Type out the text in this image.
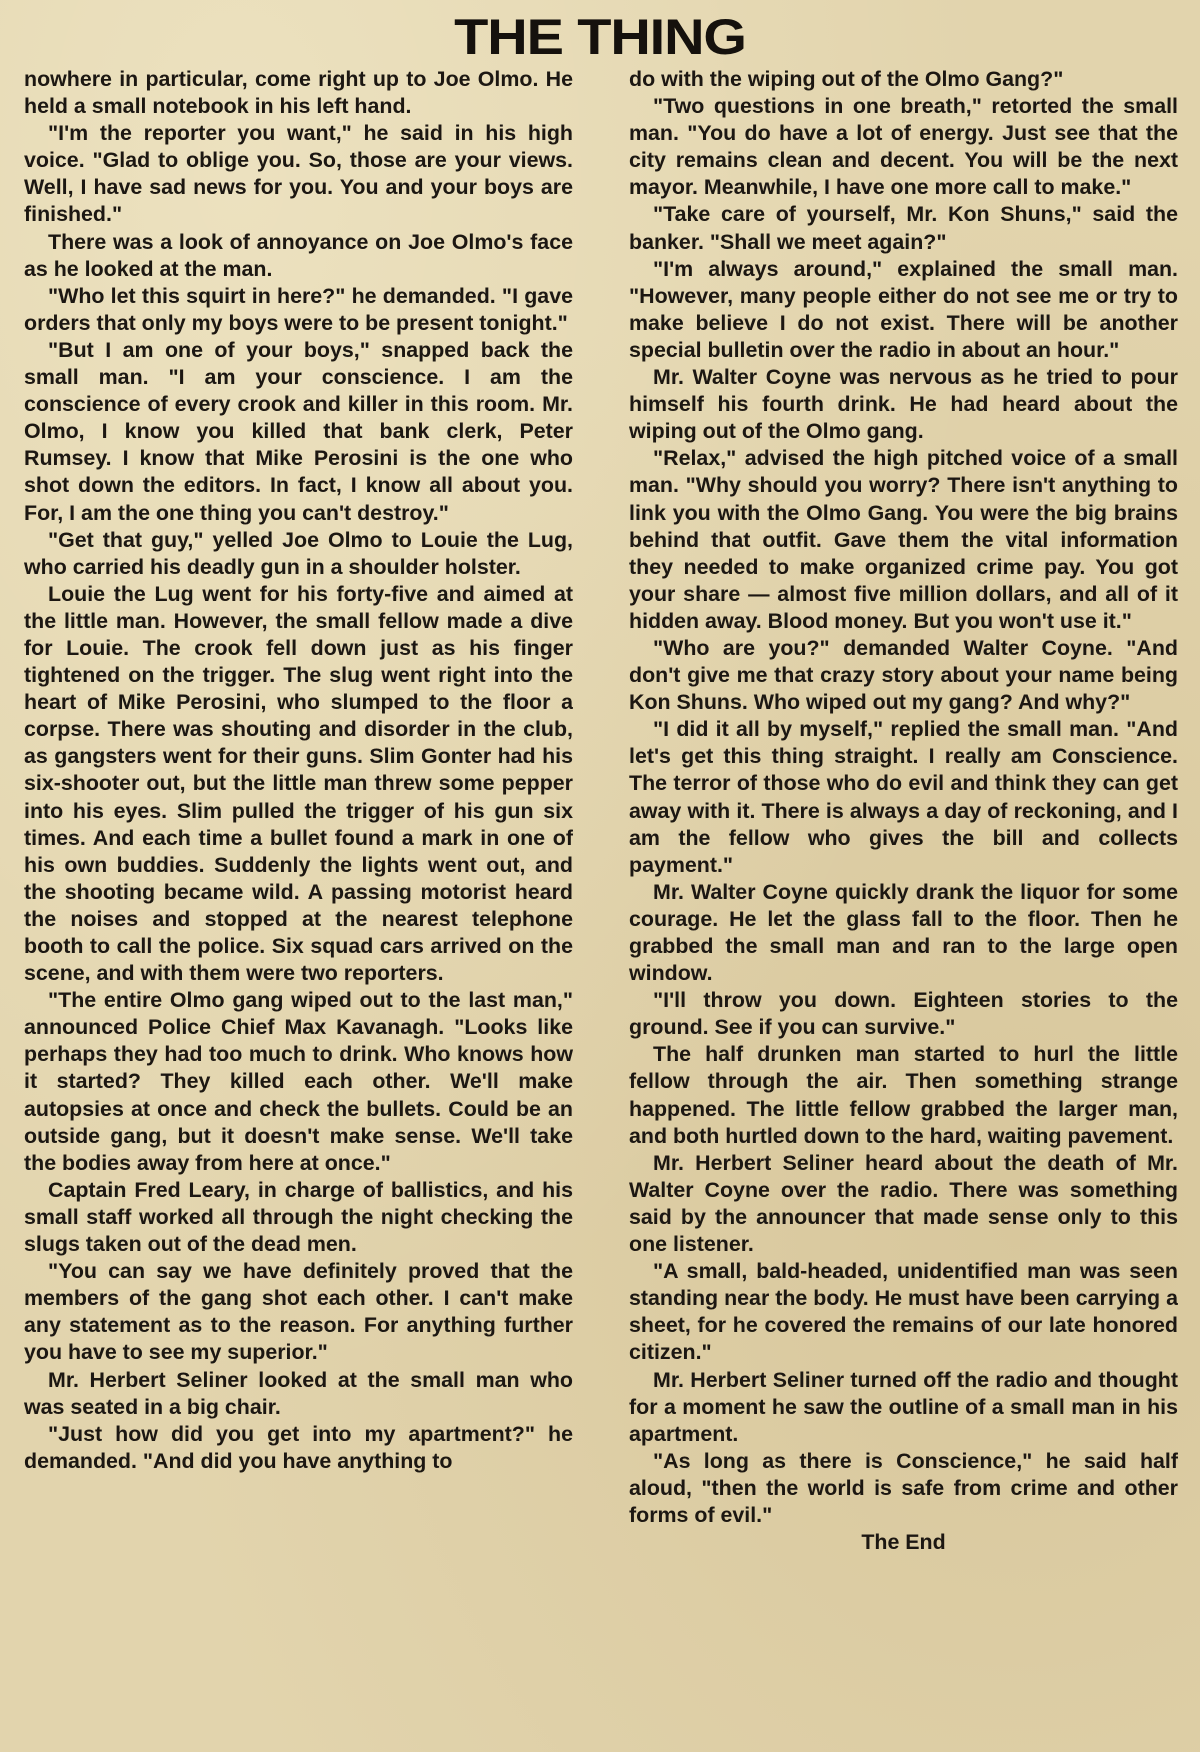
THE THING

nowhere in particular, come right up to Joe Olmo. He held a small notebook in his left hand.

"I'm the reporter you want," he said in his high voice. "Glad to oblige you. So, those are your views. Well, I have sad news for you. You and your boys are finished."

There was a look of annoyance on Joe Olmo's face as he looked at the man.

"Who let this squirt in here?" he demanded. "I gave orders that only my boys were to be present tonight."

"But I am one of your boys," snapped back the small man. "I am your conscience. I am the conscience of every crook and killer in this room. Mr. Olmo, I know you killed that bank clerk, Peter Rumsey. I know that Mike Perosini is the one who shot down the editors. In fact, I know all about you. For, I am the one thing you can't destroy."

"Get that guy," yelled Joe Olmo to Louie the Lug, who carried his deadly gun in a shoulder holster.

Louie the Lug went for his forty-five and aimed at the little man. However, the small fellow made a dive for Louie. The crook fell down just as his finger tightened on the trigger. The slug went right into the heart of Mike Perosini, who slumped to the floor a corpse. There was shouting and disorder in the club, as gangsters went for their guns. Slim Gonter had his six-shooter out, but the little man threw some pepper into his eyes. Slim pulled the trigger of his gun six times. And each time a bullet found a mark in one of his own buddies. Suddenly the lights went out, and the shooting became wild. A passing motorist heard the noises and stopped at the nearest telephone booth to call the police. Six squad cars arrived on the scene, and with them were two reporters.

"The entire Olmo gang wiped out to the last man," announced Police Chief Max Kavanagh. "Looks like perhaps they had too much to drink. Who knows how it started? They killed each other. We'll make autopsies at once and check the bullets. Could be an outside gang, but it doesn't make sense. We'll take the bodies away from here at once."

Captain Fred Leary, in charge of ballistics, and his small staff worked all through the night checking the slugs taken out of the dead men.

"You can say we have definitely proved that the members of the gang shot each other. I can't make any statement as to the reason. For anything further you have to see my superior."

Mr. Herbert Seliner looked at the small man who was seated in a big chair.

"Just how did you get into my apartment?" he demanded. "And did you have anything to

do with the wiping out of the Olmo Gang?"

"Two questions in one breath," retorted the small man. "You do have a lot of energy. Just see that the city remains clean and decent. You will be the next mayor. Meanwhile, I have one more call to make."

"Take care of yourself, Mr. Kon Shuns," said the banker. "Shall we meet again?"

"I'm always around," explained the small man. "However, many people either do not see me or try to make believe I do not exist. There will be another special bulletin over the radio in about an hour."

Mr. Walter Coyne was nervous as he tried to pour himself his fourth drink. He had heard about the wiping out of the Olmo gang.

"Relax," advised the high pitched voice of a small man. "Why should you worry? There isn't anything to link you with the Olmo Gang. You were the big brains behind that outfit. Gave them the vital information they needed to make organized crime pay. You got your share — almost five million dollars, and all of it hidden away. Blood money. But you won't use it."

"Who are you?" demanded Walter Coyne. "And don't give me that crazy story about your name being Kon Shuns. Who wiped out my gang? And why?"

"I did it all by myself," replied the small man. "And let's get this thing straight. I really am Conscience. The terror of those who do evil and think they can get away with it. There is always a day of reckoning, and I am the fellow who gives the bill and collects payment."

Mr. Walter Coyne quickly drank the liquor for some courage. He let the glass fall to the floor. Then he grabbed the small man and ran to the large open window.

"I'll throw you down. Eighteen stories to the ground. See if you can survive."

The half drunken man started to hurl the little fellow through the air. Then something strange happened. The little fellow grabbed the larger man, and both hurtled down to the hard, waiting pavement.

Mr. Herbert Seliner heard about the death of Mr. Walter Coyne over the radio. There was something said by the announcer that made sense only to this one listener.

"A small, bald-headed, unidentified man was seen standing near the body. He must have been carrying a sheet, for he covered the remains of our late honored citizen."

Mr. Herbert Seliner turned off the radio and thought for a moment he saw the outline of a small man in his apartment.

"As long as there is Conscience," he said half aloud, "then the world is safe from crime and other forms of evil."

The End
